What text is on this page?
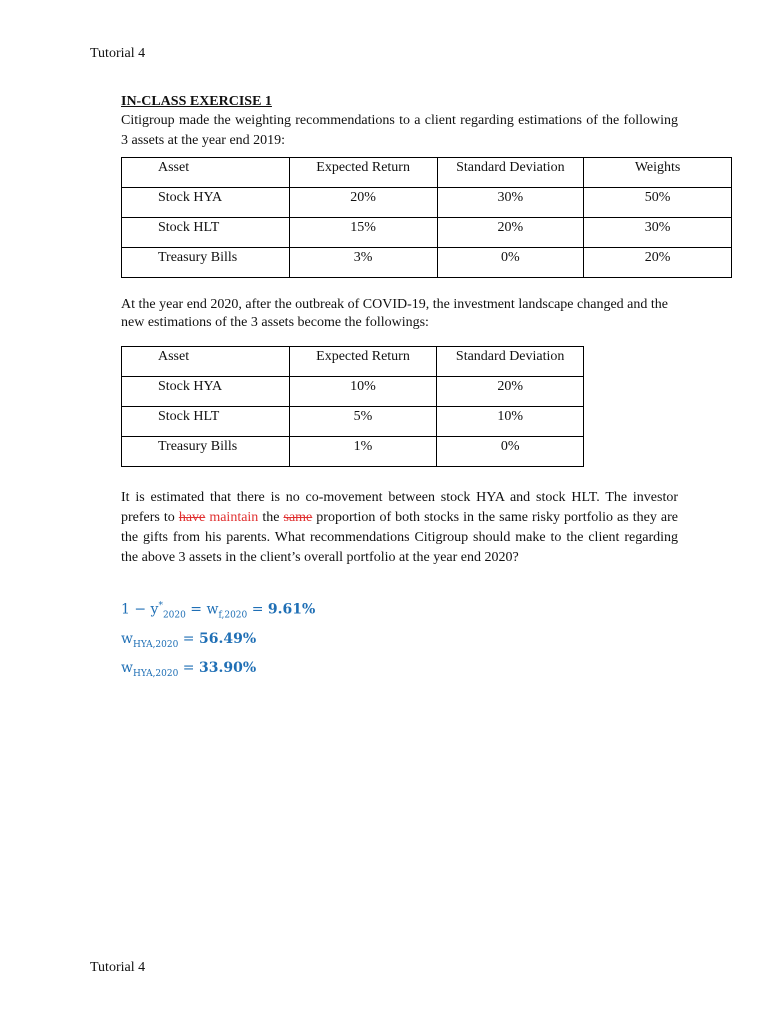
Tutorial 4

IN-CLASS EXERCISE 1

Citigroup made the weighting recommendations to a client regarding estimations of the following 3 assets at the year end 2019:

Asset	Expected Return	Standard Deviation	Weights
Stock HYA	20%	30%	50%
Stock HLT	15%	20%	30%
Treasury Bills	3%	0%	20%

At the year end 2020, after the outbreak of COVID-19, the investment landscape changed and the new estimations of the 3 assets become the followings:

Asset	Expected Return	Standard Deviation
Stock HYA	10%	20%
Stock HLT	5%	10%
Treasury Bills	1%	0%

It is estimated that there is no co-movement between stock HYA and stock HLT. The investor prefers to have maintain the same proportion of both stocks in the same risky portfolio as they are the gifts from his parents. What recommendations Citigroup should make to the client regarding the above 3 assets in the client’s overall portfolio at the year end 2020?

$1 - y^*_{2020} = w_{f,2020} = 9.61\%$

$w_{HYA,2020} = 56.49\%$

$w_{HYA,2020} = 33.90\%$

Tutorial 4
